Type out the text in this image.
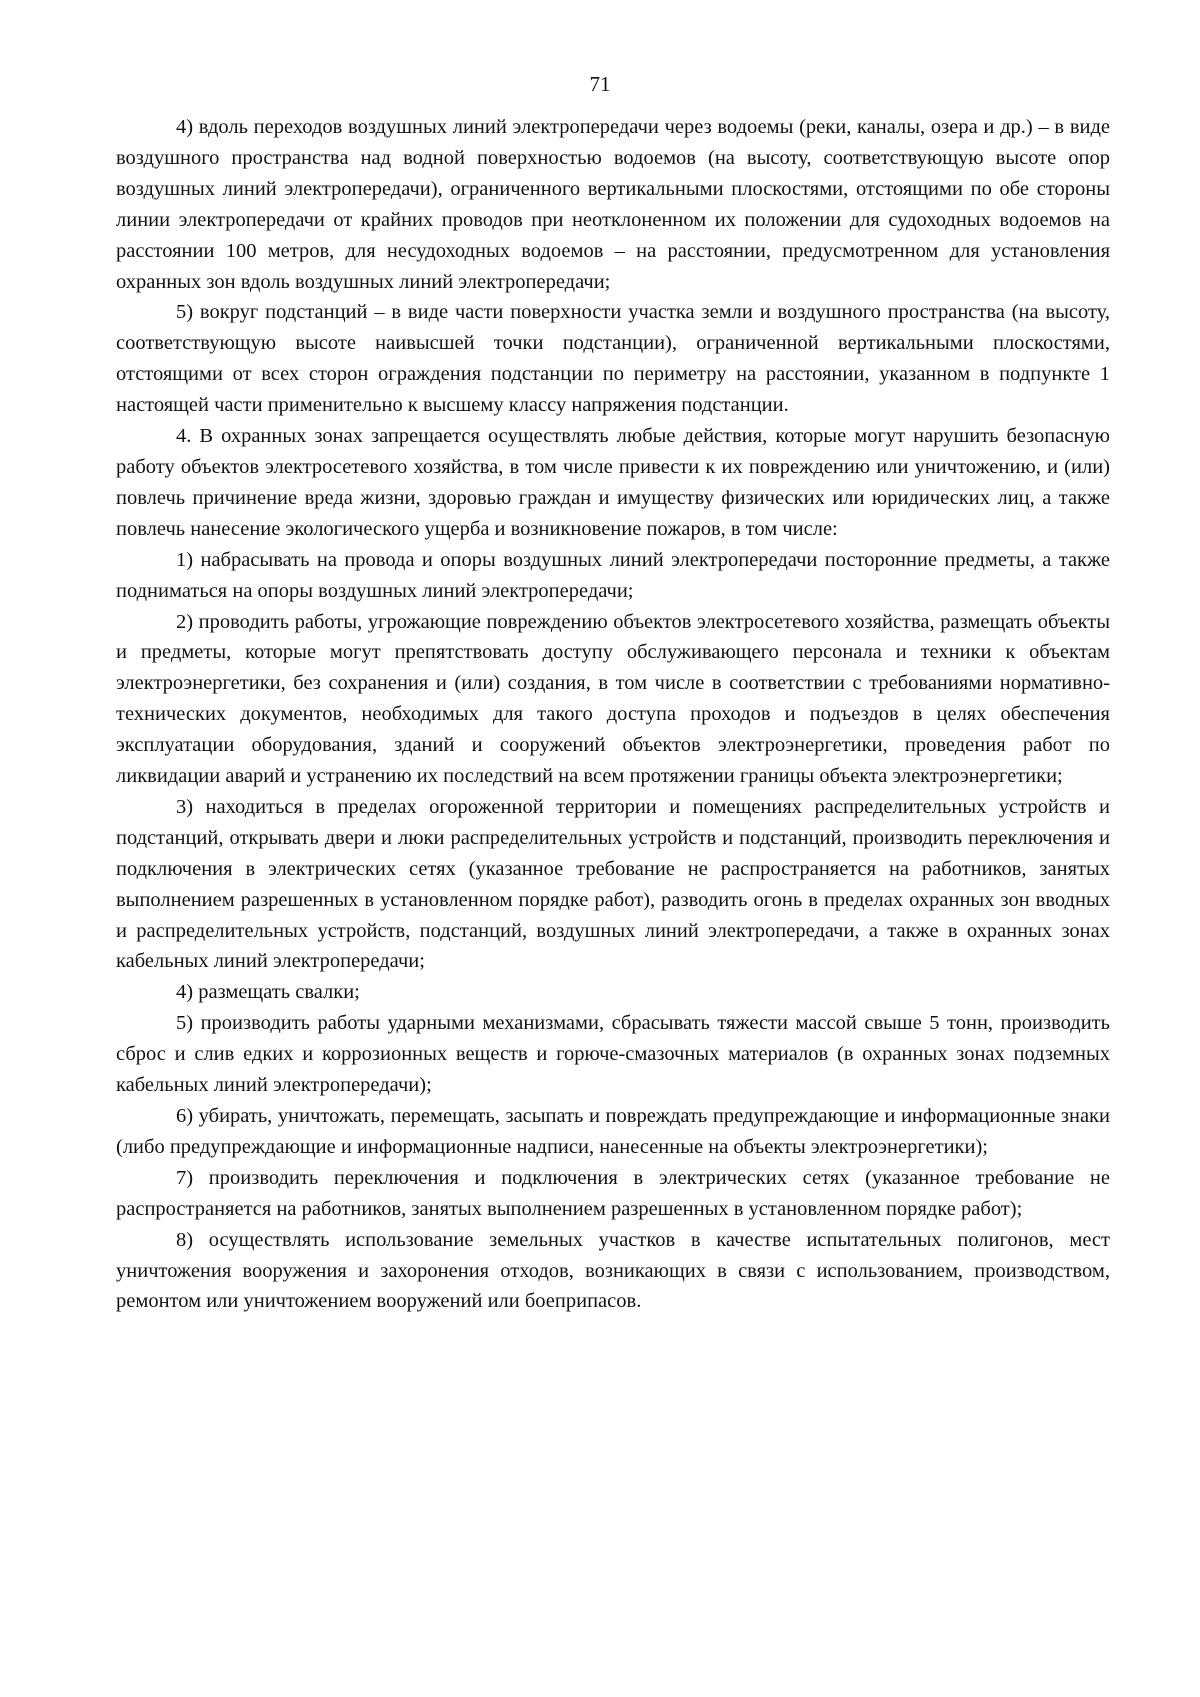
71

4) вдоль переходов воздушных линий электропередачи через водоемы (реки, каналы, озера и др.) – в виде воздушного пространства над водной поверхностью водоемов (на высоту, соответствующую высоте опор воздушных линий электропередачи), ограниченного вертикальными плоскостями, отстоящими по обе стороны линии электропередачи от крайних проводов при неотклоненном их положении для судоходных водоемов на расстоянии 100 метров, для несудоходных водоемов – на расстоянии, предусмотренном для установления охранных зон вдоль воздушных линий электропередачи;

5) вокруг подстанций – в виде части поверхности участка земли и воздушного пространства (на высоту, соответствующую высоте наивысшей точки подстанции), ограниченной вертикальными плоскостями, отстоящими от всех сторон ограждения подстанции по периметру на расстоянии, указанном в подпункте 1 настоящей части применительно к высшему классу напряжения подстанции.

4. В охранных зонах запрещается осуществлять любые действия, которые могут нарушить безопасную работу объектов электросетевого хозяйства, в том числе привести к их повреждению или уничтожению, и (или) повлечь причинение вреда жизни, здоровью граждан и имуществу физических или юридических лиц, а также повлечь нанесение экологического ущерба и возникновение пожаров, в том числе:

1) набрасывать на провода и опоры воздушных линий электропередачи посторонние предметы, а также подниматься на опоры воздушных линий электропередачи;

2) проводить работы, угрожающие повреждению объектов электросетевого хозяйства, размещать объекты и предметы, которые могут препятствовать доступу обслуживающего персонала и техники к объектам электроэнергетики, без сохранения и (или) создания, в том числе в соответствии с требованиями нормативно-технических документов, необходимых для такого доступа проходов и подъездов в целях обеспечения эксплуатации оборудования, зданий и сооружений объектов электроэнергетики, проведения работ по ликвидации аварий и устранению их последствий на всем протяжении границы объекта электроэнергетики;

3) находиться в пределах огороженной территории и помещениях распределительных устройств и подстанций, открывать двери и люки распределительных устройств и подстанций, производить переключения и подключения в электрических сетях (указанное требование не распространяется на работников, занятых выполнением разрешенных в установленном порядке работ), разводить огонь в пределах охранных зон вводных и распределительных устройств, подстанций, воздушных линий электропередачи, а также в охранных зонах кабельных линий электропередачи;

4) размещать свалки;

5) производить работы ударными механизмами, сбрасывать тяжести массой свыше 5 тонн, производить сброс и слив едких и коррозионных веществ и горюче-смазочных материалов (в охранных зонах подземных кабельных линий электропередачи);

6) убирать, уничтожать, перемещать, засыпать и повреждать предупреждающие и информационные знаки (либо предупреждающие и информационные надписи, нанесенные на объекты электроэнергетики);

7) производить переключения и подключения в электрических сетях (указанное требование не распространяется на работников, занятых выполнением разрешенных в установленном порядке работ);

8) осуществлять использование земельных участков в качестве испытательных полигонов, мест уничтожения вооружения и захоронения отходов, возникающих в связи с использованием, производством, ремонтом или уничтожением вооружений или боеприпасов.
